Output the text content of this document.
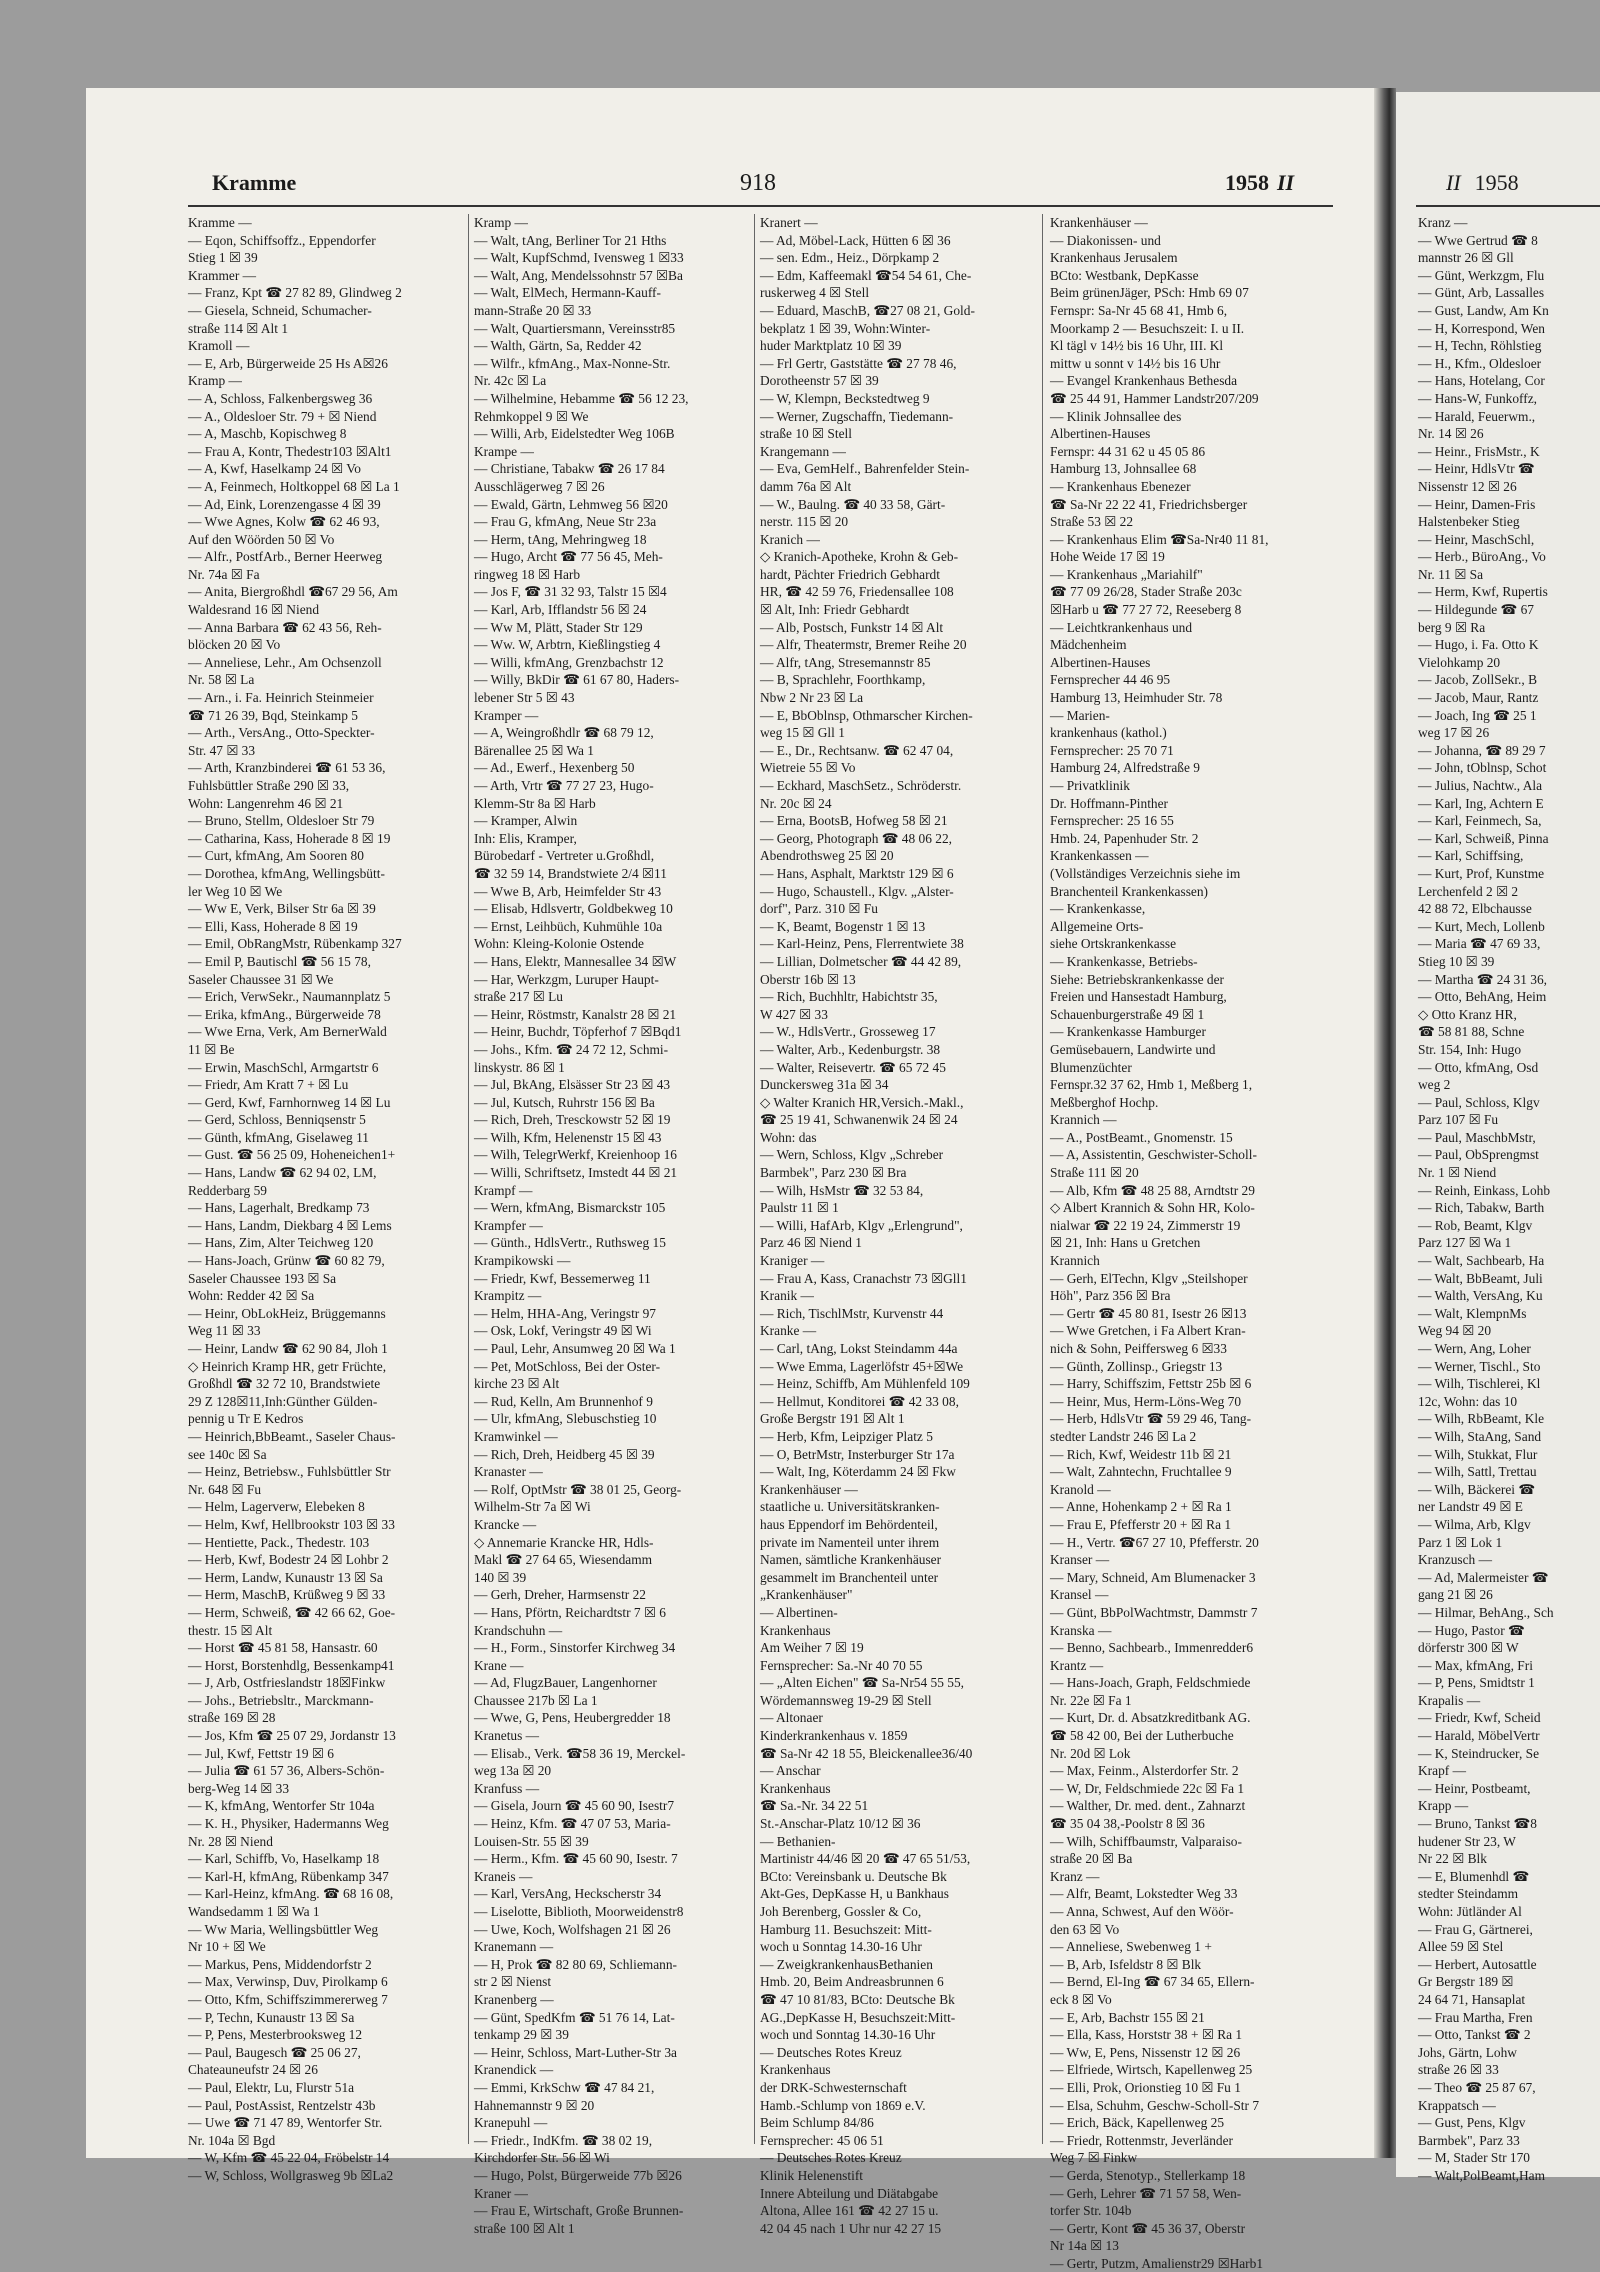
II 1958
Kranz —
— Wwe Gertrud ☎ 8
mannstr 26 ☒ Gll
— Günt, Werkzgm, Flu
— Günt, Arb, Lassalles
— Gust, Landw, Am Kn
— H, Korrespond, Wen
— H, Techn, Röhlstieg
— H., Kfm., Oldesloer
— Hans, Hotelang, Cor
— Hans-W, Funkoffz,
— Harald, Feuerwm.,
Nr. 14 ☒ 26
— Heinr., FrisMstr., K
— Heinr, HdlsVtr ☎
Nissenstr 12 ☒ 26
— Heinr, Damen-Fris
Halstenbeker Stieg
— Heinr, MaschSchl,
— Herb., BüroAng., Vo
Nr. 11 ☒ Sa
— Herm, Kwf, Rupertis
— Hildegunde ☎ 67
berg 9 ☒ Ra
— Hugo, i. Fa. Otto K
Vielohkamp 20
— Jacob, ZollSekr., B
— Jacob, Maur, Rantz
— Joach, Ing ☎ 25 1
weg 17 ☒ 26
— Johanna, ☎ 89 29 7
— John, tOblnsp, Schot
— Julius, Nachtw., Ala
— Karl, Ing, Achtern E
— Karl, Feinmech, Sa,
— Karl, Schweiß, Pinna
— Karl, Schiffsing,
— Kurt, Prof, Kunstme
Lerchenfeld 2 ☒ 2
42 88 72, Elbchausse
— Kurt, Mech, Lollenb
— Maria ☎ 47 69 33,
Stieg 10 ☒ 39
— Martha ☎ 24 31 36,
— Otto, BehAng, Heim
◇ Otto Kranz HR,
☎ 58 81 88, Schne
Str. 154, Inh: Hugo
— Otto, kfmAng, Osd
weg 2
— Paul, Schloss, Klgv
Parz 107 ☒ Fu
— Paul, MaschbMstr,
— Paul, ObSprengmst
Nr. 1 ☒ Niend
— Reinh, Einkass, Lohb
— Rich, Tabakw, Barth
— Rob, Beamt, Klgv
Parz 127 ☒ Wa 1
— Walt, Sachbearb, Ha
— Walt, BbBeamt, Juli
— Walth, VersAng, Ku
— Walt, KlempnMs
Weg 94 ☒ 20
— Wern, Ang, Loher
— Werner, Tischl., Sto
— Wilh, Tischlerei, Kl
12c, Wohn: das 10
— Wilh, RbBeamt, Kle
— Wilh, StaAng, Sand
— Wilh, Stukkat, Flur
— Wilh, Sattl, Trettau
— Wilh, Bäckerei ☎
ner Landstr 49 ☒ E
— Wilma, Arb, Klgv
Parz 1 ☒ Lok 1
Kranzusch —
— Ad, Malermeister ☎
gang 21 ☒ 26
— Hilmar, BehAng., Sch
— Hugo, Pastor ☎
dörferstr 300 ☒ W
— Max, kfmAng, Fri
— P, Pens, Smidtstr 1
Krapalis —
— Friedr, Kwf, Scheid
— Harald, MöbelVertr
— K, Steindrucker, Se
Krapf —
— Heinr, Postbeamt,
Krapp —
— Bruno, Tankst ☎8
hudener Str 23, W
Nr 22 ☒ Blk
— E, Blumenhdl ☎
stedter Steindamm
Wohn: Jütländer Al
— Frau G, Gärtnerei,
Allee 59 ☒ Stel
— Herbert, Autosattle
Gr Bergstr 189 ☒
24 64 71, Hansaplat
— Frau Martha, Fren
— Otto, Tankst ☎ 2
Johs, Gärtn, Lohw
straße 26 ☒ 33
— Theo ☎ 25 87 67,
Krappatsch —
— Gust, Pens, Klgv
Barmbek", Parz 33
— M, Stader Str 170
— Walt,PolBeamt,Ham
Kramme	918	1958 II
Kramme —
— Eqon, Schiffsoffz., Eppendorfer
Stieg 1 ☒ 39
Krammer —
— Franz, Kpt ☎ 27 82 89, Glindweg 2
— Giesela, Schneid, Schumacher-
straße 114 ☒ Alt 1
Kramoll —
— E, Arb, Bürgerweide 25 Hs A☒26
Kramp —
— A, Schloss, Falkenbergsweg 36
— A., Oldesloer Str. 79 + ☒ Niend
— A, Maschb, Kopischweg 8
— Frau A, Kontr, Thedestr103 ☒Alt1
— A, Kwf, Haselkamp 24 ☒ Vo
— A, Feinmech, Holtkoppel 68 ☒ La 1
— Ad, Eink, Lorenzengasse 4 ☒ 39
— Wwe Agnes, Kolw ☎ 62 46 93,
Auf den Wöörden 50 ☒ Vo
— Alfr., PostfArb., Berner Heerweg
Nr. 74a ☒ Fa
— Anita, Biergroßhdl ☎67 29 56, Am
Waldesrand 16 ☒ Niend
— Anna Barbara ☎ 62 43 56, Reh-
blöcken 20 ☒ Vo
— Anneliese, Lehr., Am Ochsenzoll
Nr. 58 ☒ La
— Arn., i. Fa. Heinrich Steinmeier
☎ 71 26 39, Bqd, Steinkamp 5
— Arth., VersAng., Otto-Speckter-
Str. 47 ☒ 33
— Arth, Kranzbinderei ☎ 61 53 36,
Fuhlsbüttler Straße 290 ☒ 33,
Wohn: Langenrehm 46 ☒ 21
— Bruno, Stellm, Oldesloer Str 79
— Catharina, Kass, Hoherade 8 ☒ 19
— Curt, kfmAng, Am Sooren 80
— Dorothea, kfmAng, Wellingsbütt-
ler Weg 10 ☒ We
— Ww E, Verk, Bilser Str 6a ☒ 39
— Elli, Kass, Hoherade 8 ☒ 19
— Emil, ObRangMstr, Rübenkamp 327
— Emil P, Bautischl ☎ 56 15 78,
Saseler Chaussee 31 ☒ We
— Erich, VerwSekr., Naumannplatz 5
— Erika, kfmAng., Bürgerweide 78
— Wwe Erna, Verk, Am BernerWald
11 ☒ Be
— Erwin, MaschSchl, Armgartstr 6
— Friedr, Am Kratt 7 + ☒ Lu
— Gerd, Kwf, Farnhornweg 14 ☒ Lu
— Gerd, Schloss, Benniqsenstr 5
— Günth, kfmAng, Giselaweg 11
— Gust. ☎ 56 25 09, Hoheneichen1+
— Hans, Landw ☎ 62 94 02, LM,
Redderbarg 59
— Hans, Lagerhalt, Bredkamp 73
— Hans, Landm, Diekbarg 4 ☒ Lems
— Hans, Zim, Alter Teichweg 120
— Hans-Joach, Grünw ☎ 60 82 79,
Saseler Chaussee 193 ☒ Sa
Wohn: Redder 42 ☒ Sa
— Heinr, ObLokHeiz, Brüggemanns
Weg 11 ☒ 33
— Heinr, Landw ☎ 62 90 84, Jloh 1
◇ Heinrich Kramp HR, getr Früchte,
Großhdl ☎ 32 72 10, Brandstwiete
29 Z 128☒11,Inh:Günther Gülden-
pennig u Tr E Kedros
— Heinrich,BbBeamt., Saseler Chaus-
see 140c ☒ Sa
— Heinz, Betriebsw., Fuhlsbüttler Str
Nr. 648 ☒ Fu
— Helm, Lagerverw, Elebeken 8
— Helm, Kwf, Hellbrookstr 103 ☒ 33
— Hentiette, Pack., Thedestr. 103
— Herb, Kwf, Bodestr 24 ☒ Lohbr 2
— Herm, Landw, Kunaustr 13 ☒ Sa
— Herm, MaschB, Krüßweg 9 ☒ 33
— Herm, Schweiß, ☎ 42 66 62, Goe-
thestr. 15 ☒ Alt
— Horst ☎ 45 81 58, Hansastr. 60
— Horst, Borstenhdlg, Bessenkamp41
— J, Arb, Ostfrieslandstr 18☒Finkw
— Johs., Betriebsltr., Marckmann-
straße 169 ☒ 28
— Jos, Kfm ☎ 25 07 29, Jordanstr 13
— Jul, Kwf, Fettstr 19 ☒ 6
— Julia ☎ 61 57 36, Albers-Schön-
berg-Weg 14 ☒ 33
— K, kfmAng, Wentorfer Str 104a
— K. H., Physiker, Hadermanns Weg
Nr. 28 ☒ Niend
— Karl, Schiffb, Vo, Haselkamp 18
— Karl-H, kfmAng, Rübenkamp 347
— Karl-Heinz, kfmAng. ☎ 68 16 08,
Wandsedamm 1 ☒ Wa 1
— Ww Maria, Wellingsbüttler Weg
Nr 10 + ☒ We
— Markus, Pens, Middendorfstr 2
— Max, Verwinsp, Duv, Pirolkamp 6
— Otto, Kfm, Schiffszimmererweg 7
— P, Techn, Kunaustr 13 ☒ Sa
— P, Pens, Mesterbrooksweg 12
— Paul, Baugesch ☎ 25 06 27,
Chateauneufstr 24 ☒ 26
— Paul, Elektr, Lu, Flurstr 51a
— Paul, PostAssist, Rentzelstr 43b
— Uwe ☎ 71 47 89, Wentorfer Str.
Nr. 104a ☒ Bgd
— W, Kfm ☎ 45 22 04, Fröbelstr 14
— W, Schloss, Wollgrasweg 9b ☒La2
Kramp —
— Walt, tAng, Berliner Tor 21 Hths
— Walt, KupfSchmd, Ivensweg 1 ☒33
— Walt, Ang, Mendelssohnstr 57 ☒Ba
— Walt, ElMech, Hermann-Kauff-
mann-Straße 20 ☒ 33
— Walt, Quartiersmann, Vereinsstr85
— Walth, Gärtn, Sa, Redder 42
— Wilfr., kfmAng., Max-Nonne-Str.
Nr. 42c ☒ La
— Wilhelmine, Hebamme ☎ 56 12 23,
Rehmkoppel 9 ☒ We
— Willi, Arb, Eidelstedter Weg 106B
Krampe —
— Christiane, Tabakw ☎ 26 17 84
Ausschlägerweg 7 ☒ 26
— Ewald, Gärtn, Lehmweg 56 ☒20
— Frau G, kfmAng, Neue Str 23a
— Herm, tAng, Mehringweg 18
— Hugo, Archt ☎ 77 56 45, Meh-
ringweg 18 ☒ Harb
— Jos F, ☎ 31 32 93, Talstr 15 ☒4
— Karl, Arb, Ifflandstr 56 ☒ 24
— Ww M, Plätt, Stader Str 129
— Ww. W, Arbtrn, Kießlingstieg 4
— Willi, kfmAng, Grenzbachstr 12
— Willy, BkDir ☎ 61 67 80, Haders-
lebener Str 5 ☒ 43
Kramper —
— A, Weingroßhdlr ☎ 68 79 12,
Bärenallee 25 ☒ Wa 1
— Ad., Ewerf., Hexenberg 50
— Arth, Vrtr ☎ 77 27 23, Hugo-
Klemm-Str 8a ☒ Harb
— Kramper, Alwin
Inh: Elis, Kramper,
Bürobedarf - Vertreter u.Großhdl,
☎ 32 59 14, Brandstwiete 2/4 ☒11
— Wwe B, Arb, Heimfelder Str 43
— Elisab, Hdlsvertr, Goldbekweg 10
— Ernst, Leihbüch, Kuhmühle 10a
Wohn: Kleing-Kolonie Ostende
— Hans, Elektr, Mannesallee 34 ☒W
— Har, Werkzgm, Luruper Haupt-
straße 217 ☒ Lu
— Heinr, Röstmstr, Kanalstr 28 ☒ 21
— Heinr, Buchdr, Töpferhof 7 ☒Bqd1
— Johs., Kfm. ☎ 24 72 12, Schmi-
linskystr. 86 ☒ 1
— Jul, BkAng, Elsässer Str 23 ☒ 43
— Jul, Kutsch, Ruhrstr 156 ☒ Ba
— Rich, Dreh, Tresckowstr 52 ☒ 19
— Wilh, Kfm, Helenenstr 15 ☒ 43
— Wilh, TelegrWerkf, Kreienhoop 16
— Willi, Schriftsetz, Imstedt 44 ☒ 21
Krampf —
— Wern, kfmAng, Bismarckstr 105
Krampfer —
— Günth., HdlsVertr., Ruthsweg 15
Krampikowski —
— Friedr, Kwf, Bessemerweg 11
Krampitz —
— Helm, HHA-Ang, Veringstr 97
— Osk, Lokf, Veringstr 49 ☒ Wi
— Paul, Lehr, Ansumweg 20 ☒ Wa 1
— Pet, MotSchloss, Bei der Oster-
kirche 23 ☒ Alt
— Rud, Kelln, Am Brunnenhof 9
— Ulr, kfmAng, Slebuschstieg 10
Kramwinkel —
— Rich, Dreh, Heidberg 45 ☒ 39
Kranaster —
— Rolf, OptMstr ☎ 38 01 25, Georg-
Wilhelm-Str 7a ☒ Wi
Krancke —
◇ Annemarie Krancke HR, Hdls-
Makl ☎ 27 64 65, Wiesendamm
140 ☒ 39
— Gerh, Dreher, Harmsenstr 22
— Hans, Pförtn, Reichardtstr 7 ☒ 6
Krandschuhn —
— H., Form., Sinstorfer Kirchweg 34
Krane —
— Ad, FlugzBauer, Langenhorner
Chaussee 217b ☒ La 1
— Wwe, G, Pens, Heubergredder 18
Kranetus —
— Elisab., Verk. ☎58 36 19, Merckel-
weg 13a ☒ 20
Kranfuss —
— Gisela, Journ ☎ 45 60 90, Isestr7
— Heinz, Kfm. ☎ 47 07 53, Maria-
Louisen-Str. 55 ☒ 39
— Herm., Kfm. ☎ 45 60 90, Isestr. 7
Kraneis —
— Karl, VersAng, Heckscherstr 34
— Liselotte, Biblioth, Moorweidenstr8
— Uwe, Koch, Wolfshagen 21 ☒ 26
Kranemann —
— H, Prok ☎ 82 80 69, Schliemann-
str 2 ☒ Nienst
Kranenberg —
— Günt, SpedKfm ☎ 51 76 14, Lat-
tenkamp 29 ☒ 39
— Heinr, Schloss, Mart-Luther-Str 3a
Kranendick —
— Emmi, KrkSchw ☎ 47 84 21,
Hahnemannstr 9 ☒ 20
Kranepuhl —
— Friedr., IndKfm. ☎ 38 02 19,
Kirchdorfer Str. 56 ☒ Wi
— Hugo, Polst, Bürgerweide 77b ☒26
Kraner —
— Frau E, Wirtschaft, Große Brunnen-
straße 100 ☒ Alt 1
Kranert —
— Ad, Möbel-Lack, Hütten 6 ☒ 36
— sen. Edm., Heiz., Dörpkamp 2
— Edm, Kaffeemakl ☎54 54 61, Che-
ruskerweg 4 ☒ Stell
— Eduard, MaschB, ☎27 08 21, Gold-
bekplatz 1 ☒ 39, Wohn:Winter-
huder Marktplatz 10 ☒ 39
— Frl Gertr, Gaststätte ☎ 27 78 46,
Dorotheenstr 57 ☒ 39
— W, Klempn, Beckstedtweg 9
— Werner, Zugschaffn, Tiedemann-
straße 10 ☒ Stell
Krangemann —
— Eva, GemHelf., Bahrenfelder Stein-
damm 76a ☒ Alt
— W., Baulng. ☎ 40 33 58, Gärt-
nerstr. 115 ☒ 20
Kranich —
◇ Kranich-Apotheke, Krohn & Geb-
hardt, Pächter Friedrich Gebhardt
HR, ☎ 42 59 76, Friedensallee 108
☒ Alt, Inh: Friedr Gebhardt
— Alb, Postsch, Funkstr 14 ☒ Alt
— Alfr, Theatermstr, Bremer Reihe 20
— Alfr, tAng, Stresemannstr 85
— B, Sprachlehr, Foorthkamp,
Nbw 2 Nr 23 ☒ La
— E, BbOblnsp, Othmarscher Kirchen-
weg 15 ☒ Gll 1
— E., Dr., Rechtsanw. ☎ 62 47 04,
Wietreie 55 ☒ Vo
— Eckhard, MaschSetz., Schröderstr.
Nr. 20c ☒ 24
— Erna, BootsB, Hofweg 58 ☒ 21
— Georg, Photograph ☎ 48 06 22,
Abendrothsweg 25 ☒ 20
— Hans, Asphalt, Marktstr 129 ☒ 6
— Hugo, Schaustell., Klgv. „Alster-
dorf", Parz. 310 ☒ Fu
— K, Beamt, Bogenstr 1 ☒ 13
— Karl-Heinz, Pens, Flerrentwiete 38
— Lillian, Dolmetscher ☎ 44 42 89,
Oberstr 16b ☒ 13
— Rich, Buchhltr, Habichtstr 35,
W 427 ☒ 33
— W., HdlsVertr., Grosseweg 17
— Walter, Arb., Kedenburgstr. 38
— Walter, Reisevertr. ☎ 65 72 45
Dunckersweg 31a ☒ 34
◇ Walter Kranich HR,Versich.-Makl.,
☎ 25 19 41, Schwanenwik 24 ☒ 24
Wohn: das
— Wern, Schloss, Klgv „Schreber
Barmbek", Parz 230 ☒ Bra
— Wilh, HsMstr ☎ 32 53 84,
Paulstr 11 ☒ 1
— Willi, HafArb, Klgv „Erlengrund",
Parz 46 ☒ Niend 1
Kraniger —
— Frau A, Kass, Cranachstr 73 ☒Gll1
Kranik —
— Rich, TischlMstr, Kurvenstr 44
Kranke —
— Carl, tAng, Lokst Steindamm 44a
— Wwe Emma, Lagerlöfstr 45+☒We
— Heinz, Schiffb, Am Mühlenfeld 109
— Hellmut, Konditorei ☎ 42 33 08,
Große Bergstr 191 ☒ Alt 1
— Herb, Kfm, Leipziger Platz 5
— O, BetrMstr, Insterburger Str 17a
— Walt, Ing, Köterdamm 24 ☒ Fkw
Krankenhäuser —
staatliche u. Universitätskranken-
haus Eppendorf im Behördenteil,
private im Namenteil unter ihrem
Namen, sämtliche Krankenhäuser
gesammelt im Branchenteil unter
„Krankenhäuser"
— Albertinen-
Krankenhaus
Am Weiher 7 ☒ 19
Fernsprecher: Sa.-Nr 40 70 55
— „Alten Eichen" ☎ Sa-Nr54 55 55,
Wördemannsweg 19-29 ☒ Stell
— Altonaer
Kinderkrankenhaus v. 1859
☎ Sa-Nr 42 18 55, Bleickenallee36/40
— Anschar
Krankenhaus
☎ Sa.-Nr. 34 22 51
St.-Anschar-Platz 10/12 ☒ 36
— Bethanien-
Martinistr 44/46 ☒ 20 ☎ 47 65 51/53,
BCto: Vereinsbank u. Deutsche Bk
Akt-Ges, DepKasse H, u Bankhaus
Joh Berenberg, Gossler & Co,
Hamburg 11. Besuchszeit: Mitt-
woch u Sonntag 14.30-16 Uhr
— ZweigkrankenhausBethanien
Hmb. 20, Beim Andreasbrunnen 6
☎ 47 10 81/83, BCto: Deutsche Bk
AG.,DepKasse H, Besuchszeit:Mitt-
woch und Sonntag 14.30-16 Uhr
— Deutsches Rotes Kreuz
Krankenhaus
der DRK-Schwesternschaft
Hamb.-Schlump von 1869 e.V.
Beim Schlump 84/86
Fernsprecher: 45 06 51
— Deutsches Rotes Kreuz
Klinik Helenenstift
Innere Abteilung und Diätabgabe
Altona, Allee 161 ☎ 42 27 15 u.
42 04 45 nach 1 Uhr nur 42 27 15
Krankenhäuser —
— Diakonissen- und
Krankenhaus Jerusalem
BCto: Westbank, DepKasse
Beim grünenJäger, PSch: Hmb 69 07
Fernspr: Sa-Nr 45 68 41, Hmb 6,
Moorkamp 2 — Besuchszeit: I. u II.
Kl tägl v 14½ bis 16 Uhr, III. Kl
mittw u sonnt v 14½ bis 16 Uhr
— Evangel Krankenhaus Bethesda
☎ 25 44 91, Hammer Landstr207/209
— Klinik Johnsallee des
Albertinen-Hauses
Fernspr: 44 31 62 u 45 05 86
Hamburg 13, Johnsallee 68
— Krankenhaus Ebenezer
☎ Sa-Nr 22 22 41, Friedrichsberger
Straße 53 ☒ 22
— Krankenhaus Elim ☎Sa-Nr40 11 81,
Hohe Weide 17 ☒ 19
— Krankenhaus „Mariahilf"
☎ 77 09 26/28, Stader Straße 203c
☒Harb u ☎ 77 27 72, Reeseberg 8
— Leichtkrankenhaus und
Mädchenheim
Albertinen-Hauses
Fernsprecher 44 46 95
Hamburg 13, Heimhuder Str. 78
— Marien-
krankenhaus (kathol.)
Fernsprecher: 25 70 71
Hamburg 24, Alfredstraße 9
— Privatklinik
Dr. Hoffmann-Pinther
Fernsprecher: 25 16 55
Hmb. 24, Papenhuder Str. 2
Krankenkassen —
(Vollständiges Verzeichnis siehe im
Branchenteil Krankenkassen)
— Krankenkasse,
Allgemeine Orts-
siehe Ortskrankenkasse
— Krankenkasse, Betriebs-
Siehe: Betriebskrankenkasse der
Freien und Hansestadt Hamburg,
Schauenburgerstraße 49 ☒ 1
— Krankenkasse Hamburger
Gemüsebauern, Landwirte und
Blumenzüchter
Fernspr.32 37 62, Hmb 1, Meßberg 1,
Meßberghof Hochp.
Krannich —
— A., PostBeamt., Gnomenstr. 15
— A, Assistentin, Geschwister-Scholl-
Straße 111 ☒ 20
— Alb, Kfm ☎ 48 25 88, Arndtstr 29
◇ Albert Krannich & Sohn HR, Kolo-
nialwar ☎ 22 19 24, Zimmerstr 19
☒ 21, Inh: Hans u Gretchen
Krannich
— Gerh, ElTechn, Klgv „Steilshoper
Höh", Parz 356 ☒ Bra
— Gertr ☎ 45 80 81, Isestr 26 ☒13
— Wwe Gretchen, i Fa Albert Kran-
nich & Sohn, Peiffersweg 6 ☒33
— Günth, Zollinsp., Griegstr 13
— Harry, Schiffszim, Fettstr 25b ☒ 6
— Heinr, Mus, Herm-Löns-Weg 70
— Herb, HdlsVtr ☎ 59 29 46, Tang-
stedter Landstr 246 ☒ La 2
— Rich, Kwf, Weidestr 11b ☒ 21
— Walt, Zahntechn, Fruchtallee 9
Kranold —
— Anne, Hohenkamp 2 + ☒ Ra 1
— Frau E, Pfefferstr 20 + ☒ Ra 1
— H., Vertr. ☎67 27 10, Pfefferstr. 20
Kranser —
— Mary, Schneid, Am Blumenacker 3
Kransel —
— Günt, BbPolWachtmstr, Dammstr 7
Kranska —
— Benno, Sachbearb., Immenredder6
Krantz —
— Hans-Joach, Graph, Feldschmiede
Nr. 22e ☒ Fa 1
— Kurt, Dr. d. Absatzkreditbank AG.
☎ 58 42 00, Bei der Lutherbuche
Nr. 20d ☒ Lok
— Max, Feinm., Alsterdorfer Str. 2
— W, Dr, Feldschmiede 22c ☒ Fa 1
— Walther, Dr. med. dent., Zahnarzt
☎ 35 04 38,-Poolstr 8 ☒ 36
— Wilh, Schiffbaumstr, Valparaiso-
straße 20 ☒ Ba
Kranz —
— Alfr, Beamt, Lokstedter Weg 33
— Anna, Schwest, Auf den Wöör-
den 63 ☒ Vo
— Anneliese, Swebenweg 1 +
— B, Arb, Isfeldstr 8 ☒ Blk
— Bernd, El-Ing ☎ 67 34 65, Ellern-
eck 8 ☒ Vo
— E, Arb, Bachstr 155 ☒ 21
— Ella, Kass, Horststr 38 + ☒ Ra 1
— Ww, E, Pens, Nissenstr 12 ☒ 26
— Elfriede, Wirtsch, Kapellenweg 25
— Elli, Prok, Orionstieg 10 ☒ Fu 1
— Elsa, Schuhm, Geschw-Scholl-Str 7
— Erich, Bäck, Kapellenweg 25
— Friedr, Rottenmstr, Jeverländer
Weg 7 ☒ Finkw
— Gerda, Stenotyp., Stellerkamp 18
— Gerh, Lehrer ☎ 71 57 58, Wen-
torfer Str. 104b
— Gertr, Kont ☎ 45 36 37, Oberstr
Nr 14a ☒ 13
— Gertr, Putzm, Amalienstr29 ☒Harb1
